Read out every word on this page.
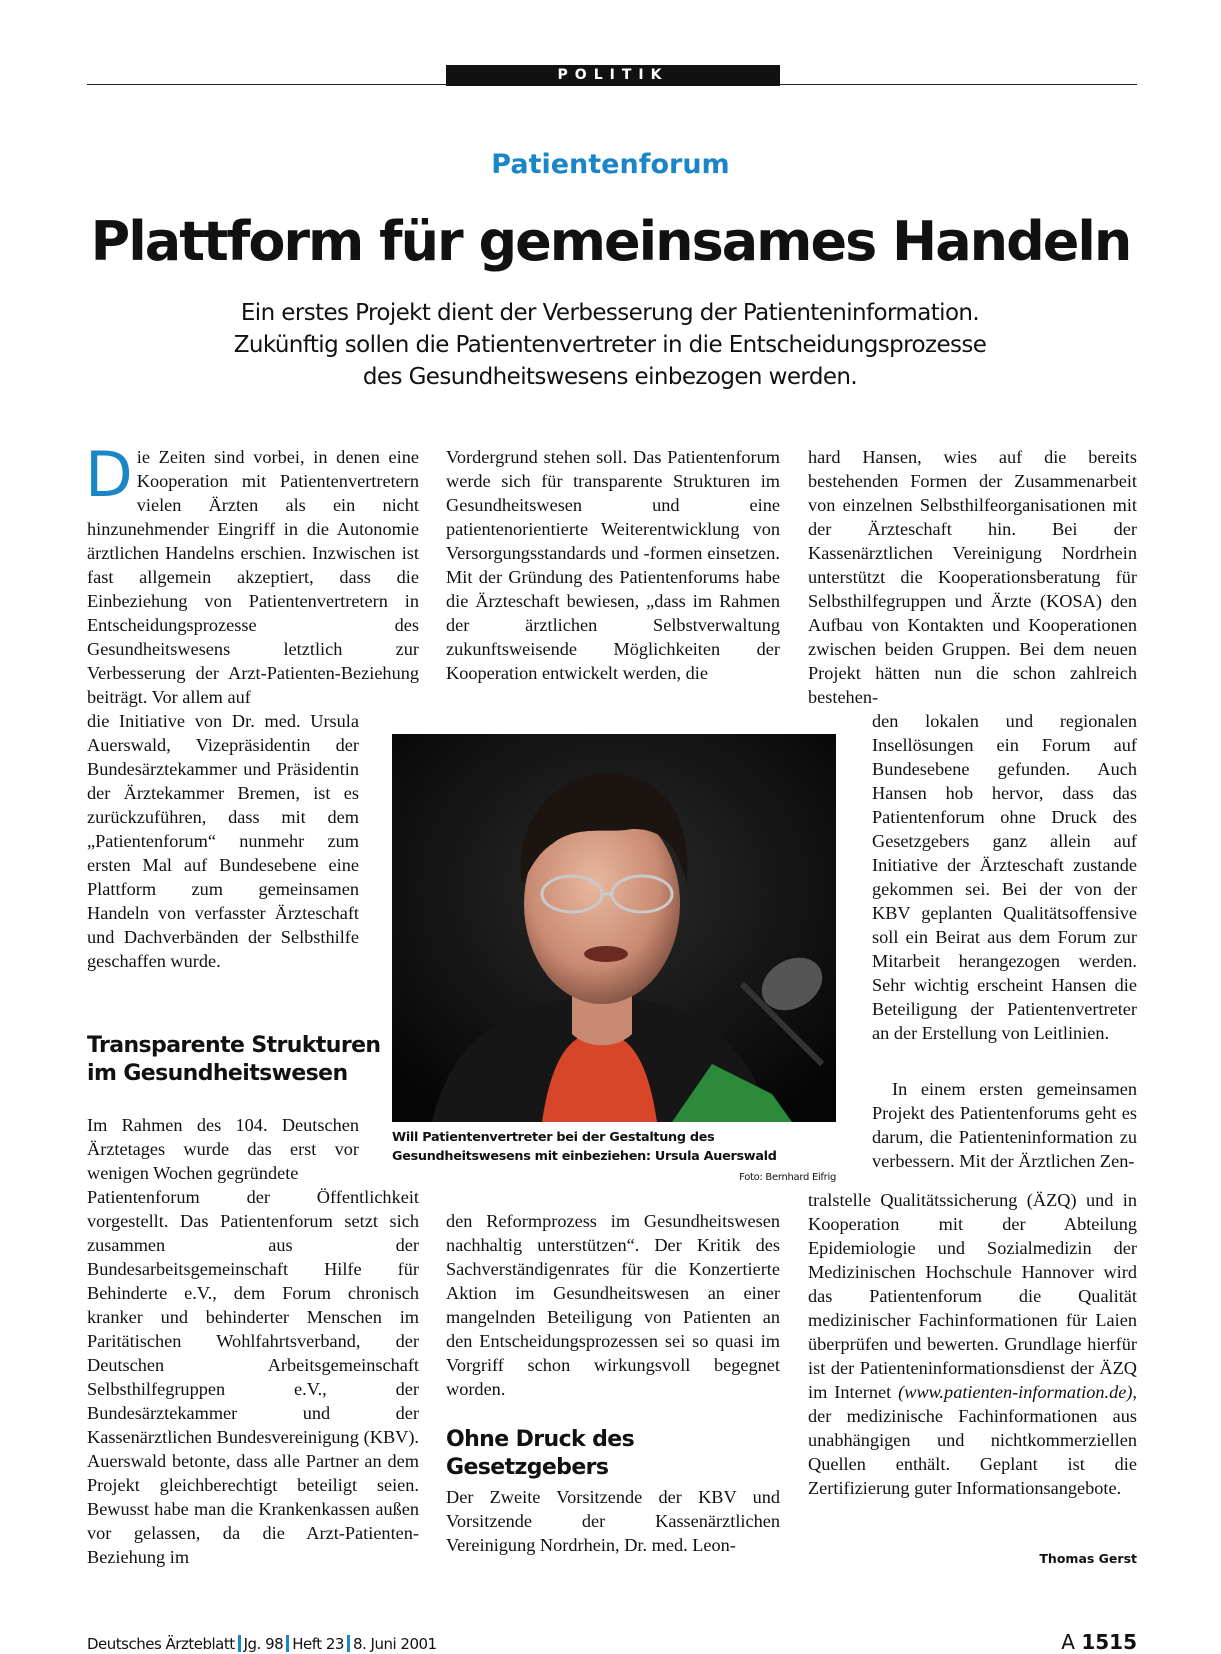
POLITIK
Patientenforum
Plattform für gemeinsames Handeln
Ein erstes Projekt dient der Verbesserung der Patienteninformation.
Zukünftig sollen die Patientenvertreter in die Entscheidungsprozesse
des Gesundheitswesens einbezogen werden.

Die Zeiten sind vorbei, in denen eine Kooperation mit Patientenvertretern vielen Ärzten als ein nicht hinzunehmender Eingriff in die Autonomie ärztlichen Handelns erschien. Inzwischen ist fast allgemein akzeptiert, dass die Einbeziehung von Patientenvertretern in Entscheidungsprozesse des Gesundheitswesens letztlich zur Verbesserung der Arzt-Patienten-Beziehung beiträgt. Vor allem auf

die Initiative von Dr. med. Ursula Auerswald, Vizepräsidentin der Bundesärztekammer und Präsidentin der Ärztekammer Bremen, ist es zurückzuführen, dass mit dem „Patientenforum“ nunmehr zum ersten Mal auf Bundesebene eine Plattform zum gemeinsamen Handeln von verfasster Ärzteschaft und Dachverbänden der Selbsthilfe geschaffen wurde.

Transparente Strukturen im Gesundheitswesen
Im Rahmen des 104. Deutschen Ärztetages wurde das erst vor wenigen Wochen gegründete
Patientenforum der Öffentlichkeit vorgestellt. Das Patientenforum setzt sich zusammen aus der Bundesarbeitsgemeinschaft Hilfe für Behinderte e.V., dem Forum chronisch kranker und behinderter Menschen im Paritätischen Wohlfahrtsverband, der Deutschen Arbeitsgemeinschaft Selbsthilfegruppen e.V., der Bundesärztekammer und der Kassenärztlichen Bundesvereinigung (KBV). Auerswald betonte, dass alle Partner an dem Projekt gleichberechtigt beteiligt seien. Bewusst habe man die Krankenkassen außen vor gelassen, da die Arzt-Patienten-Beziehung im
Vordergrund stehen soll. Das Patientenforum werde sich für transparente Strukturen im Gesundheitswesen und eine patientenorientierte Weiterentwicklung von Versorgungsstandards und -formen einsetzen. Mit der Gründung des Patientenforums habe die Ärzteschaft bewiesen, „dass im Rahmen der ärztlichen Selbstverwaltung zukunftsweisende Möglichkeiten der Kooperation entwickelt werden, die
Will Patientenvertreter bei der Gestaltung des Gesundheitswesens mit einbeziehen: Ursula Auerswald
Foto: Bernhard Eifrig
den Reformprozess im Gesundheitswesen nachhaltig unterstützen“. Der Kritik des Sachverständigenrates für die Konzertierte Aktion im Gesundheitswesen an einer mangelnden Beteiligung von Patienten an den Entscheidungsprozessen sei so quasi im Vorgriff schon wirkungsvoll begegnet worden.
Ohne Druck des Gesetzgebers
Der Zweite Vorsitzende der KBV und Vorsitzende der Kassenärztlichen Vereinigung Nordrhein, Dr. med. Leon-
hard Hansen, wies auf die bereits bestehenden Formen der Zusammenarbeit von einzelnen Selbsthilfeorganisationen mit der Ärzteschaft hin. Bei der Kassenärztlichen Vereinigung Nordrhein unterstützt die Kooperationsberatung für Selbsthilfegruppen und Ärzte (KOSA) den Aufbau von Kontakten und Kooperationen zwischen beiden Gruppen. Bei dem neuen Projekt hätten nun die schon zahlreich bestehen-
den lokalen und regionalen Insellösungen ein Forum auf Bundesebene gefunden. Auch Hansen hob hervor, dass das Patientenforum ohne Druck des Gesetzgebers ganz allein auf Initiative der Ärzteschaft zustande gekommen sei. Bei der von der KBV geplanten Qualitätsoffensive soll ein Beirat aus dem Forum zur Mitarbeit herangezogen werden. Sehr wichtig erscheint Hansen die Beteiligung der Patientenvertreter an der Erstellung von Leitlinien.
In einem ersten gemeinsamen Projekt des Patientenforums geht es darum, die Patienteninformation zu verbessern. Mit der Ärztlichen Zen-
tralstelle Qualitätssicherung (ÄZQ) und in Kooperation mit der Abteilung Epidemiologie und Sozialmedizin der Medizinischen Hochschule Hannover wird das Patientenforum die Qualität medizinischer Fachinformationen für Laien überprüfen und bewerten. Grundlage hierfür ist der Patienteninformationsdienst der ÄZQ im Internet (www.patienten-information.de), der medizinische Fachinformationen aus unabhängigen und nichtkommerziellen Quellen enthält. Geplant ist die Zertifizierung guter Informationsangebote.
Thomas Gerst
Deutsches Ärzteblatt Jg. 98 Heft 23 8. Juni 2001	A 1515
